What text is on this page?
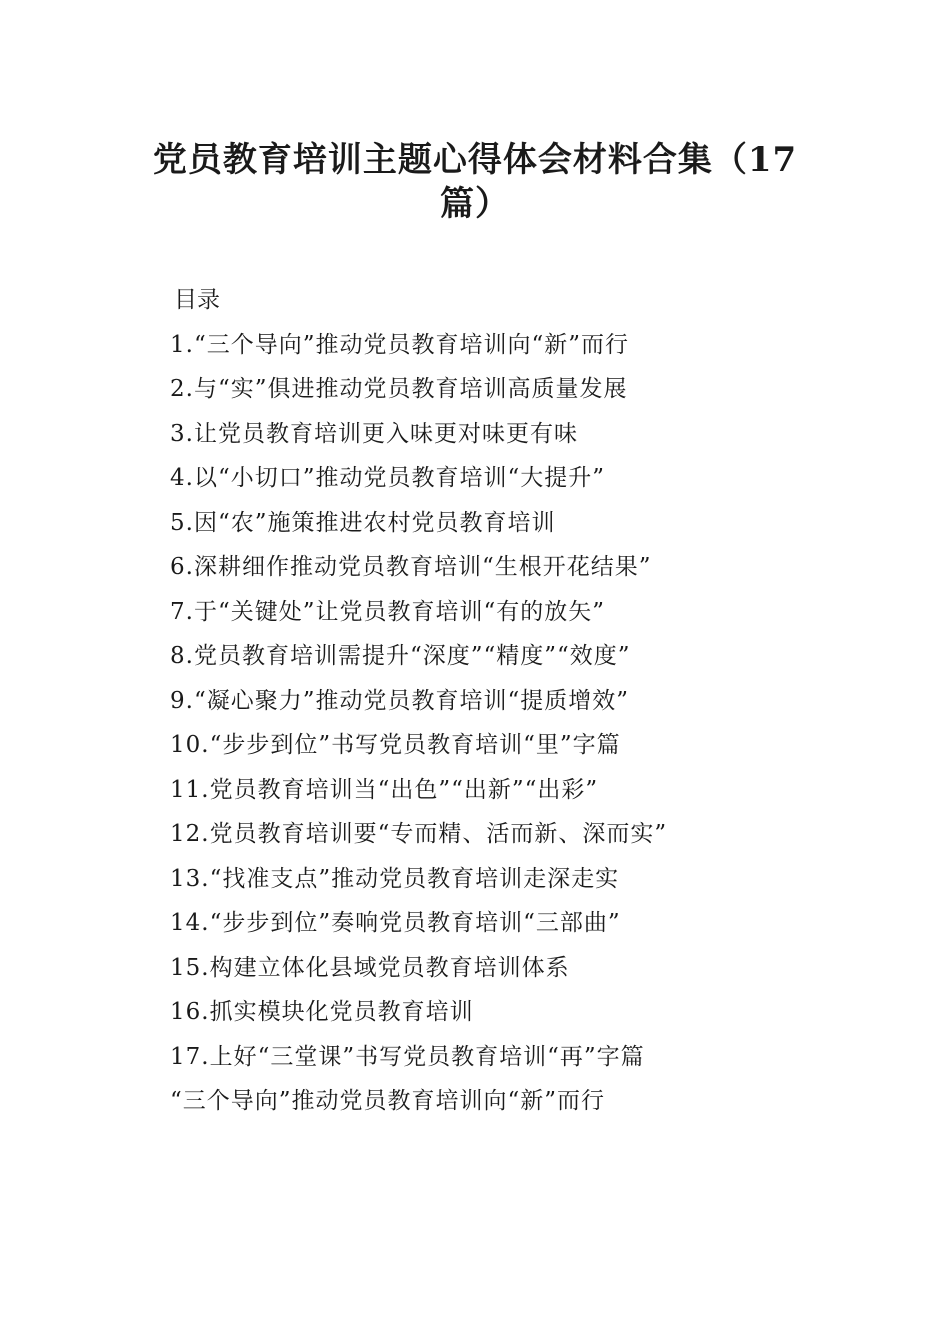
党员教育培训主题心得体会材料合集（17篇）
目录
1.“三个导向”推动党员教育培训向“新”而行
2.与“实”俱进推动党员教育培训高质量发展
3.让党员教育培训更入味更对味更有味
4.以“小切口”推动党员教育培训“大提升”
5.因“农”施策推进农村党员教育培训
6.深耕细作推动党员教育培训“生根开花结果”
7.于“关键处”让党员教育培训“有的放矢”
8.党员教育培训需提升“深度”“精度”“效度”
9.“凝心聚力”推动党员教育培训“提质增效”
10.“步步到位”书写党员教育培训“里”字篇
11.党员教育培训当“出色”“出新”“出彩”
12.党员教育培训要“专而精、活而新、深而实”
13.“找准支点”推动党员教育培训走深走实
14.“步步到位”奏响党员教育培训“三部曲”
15.构建立体化县域党员教育培训体系
16.抓实模块化党员教育培训
17.上好“三堂课”书写党员教育培训“再”字篇
“三个导向”推动党员教育培训向“新”而行
